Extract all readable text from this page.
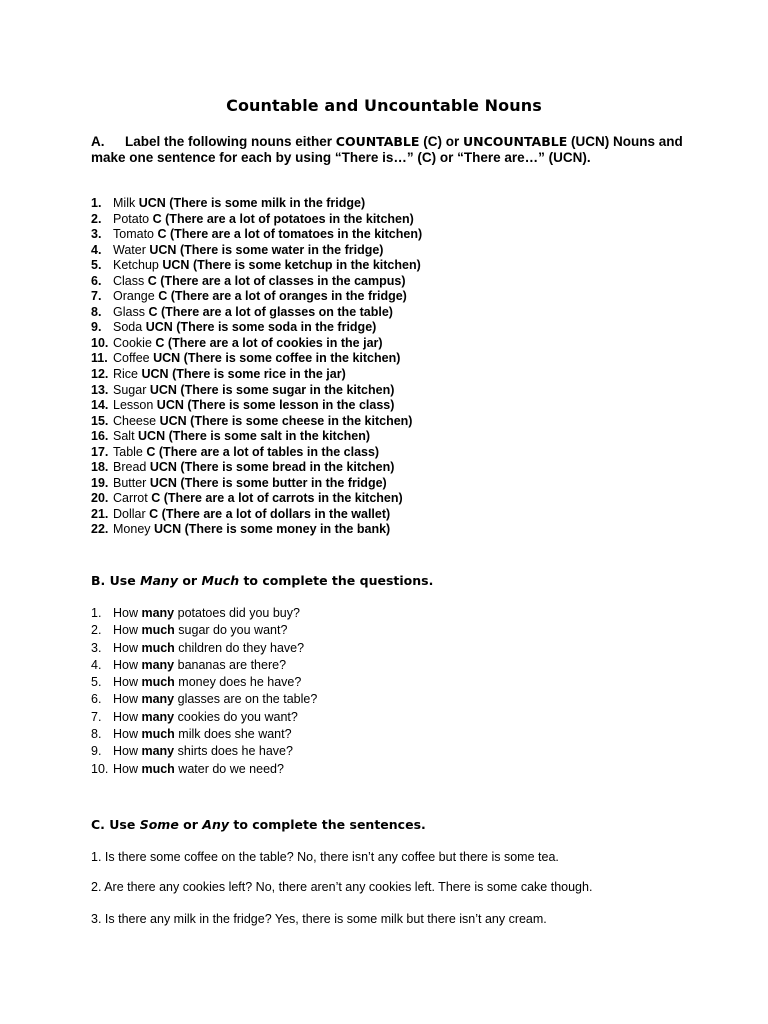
Countable and Uncountable Nouns
A. Label the following nouns either COUNTABLE (C) or UNCOUNTABLE (UCN) Nouns and make one sentence for each by using “There is…” (C) or “There are…” (UCN).
1. Milk UCN (There is some milk in the fridge)
2. Potato C (There are a lot of potatoes in the kitchen)
3. Tomato C (There are a lot of tomatoes in the kitchen)
4. Water UCN (There is some water in the fridge)
5. Ketchup UCN (There is some ketchup in the kitchen)
6. Class C (There are a lot of classes in the campus)
7. Orange C (There are a lot of oranges in the fridge)
8. Glass C (There are a lot of glasses on the table)
9. Soda UCN (There is some soda in the fridge)
10. Cookie C (There are a lot of cookies in the jar)
11. Coffee UCN (There is some coffee in the kitchen)
12. Rice UCN (There is some rice in the jar)
13. Sugar UCN (There is some sugar in the kitchen)
14. Lesson UCN (There is some lesson in the class)
15. Cheese UCN (There is some cheese in the kitchen)
16. Salt UCN (There is some salt in the kitchen)
17. Table C (There are a lot of tables in the class)
18. Bread UCN (There is some bread in the kitchen)
19. Butter UCN (There is some butter in the fridge)
20. Carrot C (There are a lot of carrots in the kitchen)
21. Dollar C (There are a lot of dollars in the wallet)
22. Money UCN (There is some money in the bank)
B. Use Many or Much to complete the questions.
1. How many potatoes did you buy?
2. How much sugar do you want?
3. How much children do they have?
4. How many bananas are there?
5. How much money does he have?
6. How many glasses are on the table?
7. How many cookies do you want?
8. How much milk does she want?
9. How many shirts does he have?
10. How much water do we need?
C. Use Some or Any to complete the sentences.
1. Is there some coffee on the table? No, there isn’t any coffee but there is some tea.
2. Are there any cookies left? No, there aren’t any cookies left. There is some cake though.
3. Is there any milk in the fridge? Yes, there is some milk but there isn’t any cream.
